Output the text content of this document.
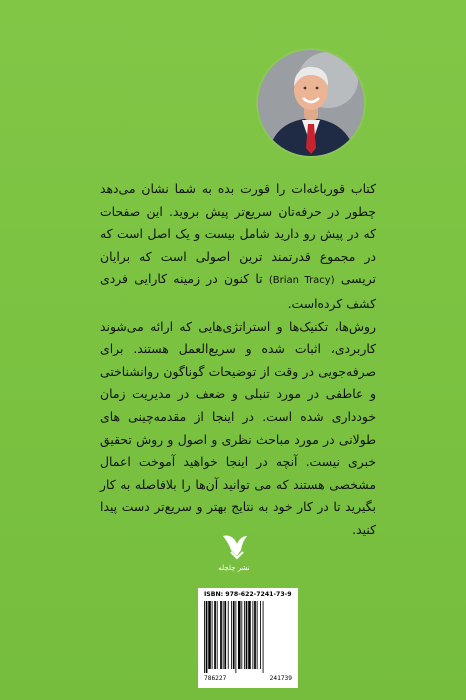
کتاب قورباغه‌ات را قورت بده به شما نشان می‌دهد چطور در حرفه‌تان سریع‌تر پیش بروید. این صفحات که در پیش رو دارید شامل بیست و یک اصل است که در مجموع قدرتمند ترین اصولی است که برایان تریسی (Brian Tracy) تا کنون در زمینه کارایی فردی کشف کرده‌است.

روش‌ها، تکنیک‌ها و استراتژی‌هایی که ارائه می‌شوند کاربردی، اثبات شده و سریع‌العمل هستند. برای صرفه‌جویی در وقت از توضیحات گوناگون روانشناختی و عاطفی در مورد تنبلی و ضعف در مدیریت زمان خودداری شده است. در اینجا از مقدمه‌چینی های طولانی در مورد مباحث نظری و اصول و روش تحقیق خبری نیست. آنچه در اینجا خواهید آموخت اعمال مشخصی هستند که می توانید آن‌ها را بلافاصله به کار بگیرید تا در کار خود به نتایج بهتر و سریع‌تر دست پیدا کنید.

نشر چلچله
ISBN: 978-622-7241-73-9
786227	241739
